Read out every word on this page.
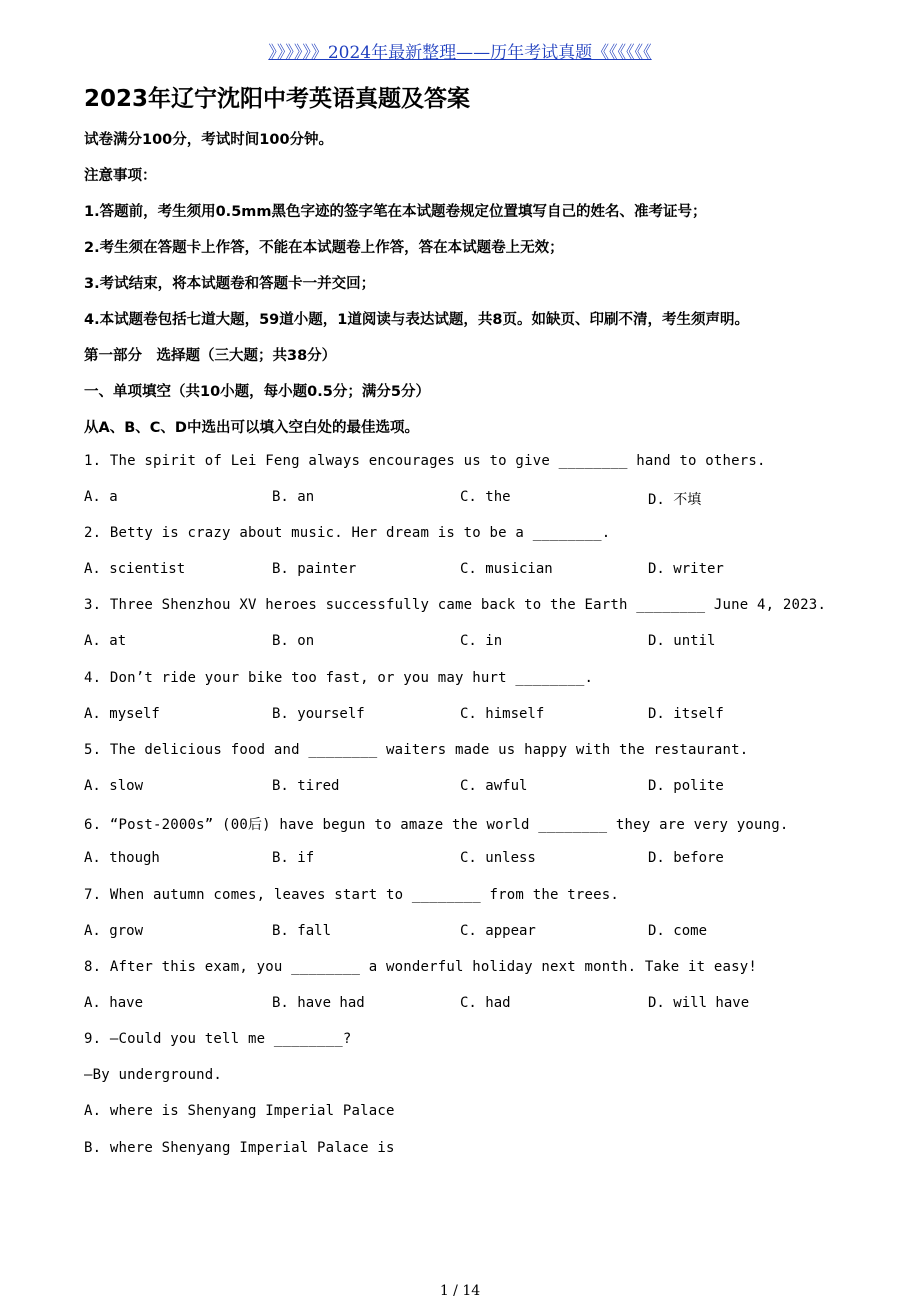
》》》》》》2024年最新整理——历年考试真题《《《《《《
2023年辽宁沈阳中考英语真题及答案
试卷满分100分，考试时间100分钟。
注意事项：
1.答题前，考生须用0.5mm黑色字迹的签字笔在本试题卷规定位置填写自己的姓名、准考证号；
2.考生须在答题卡上作答，不能在本试题卷上作答，答在本试题卷上无效；
3.考试结束，将本试题卷和答题卡一并交回；
4.本试题卷包括七道大题，59道小题，1道阅读与表达试题，共8页。如缺页、印刷不清，考生须声明。
第一部分　选择题（三大题；共38分）
一、单项填空（共10小题，每小题0.5分；满分5分）
从A、B、C、D中选出可以填入空白处的最佳选项。
1. The spirit of Lei Feng always encourages us to give ________ hand to others.
A. a	B. an	C. the	D. 不填
2. Betty is crazy about music. Her dream is to be a ________.
A. scientist	B. painter	C. musician	D. writer
3. Three Shenzhou XV heroes successfully came back to the Earth ________ June 4, 2023.
A. at	B. on	C. in	D. until
4. Don’t ride your bike too fast, or you may hurt ________.
A. myself	B. yourself	C. himself	D. itself
5. The delicious food and ________ waiters made us happy with the restaurant.
A. slow	B. tired	C. awful	D. polite
6. “Post-2000s” (00后) have begun to amaze the world ________ they are very young.
A. though	B. if	C. unless	D. before
7. When autumn comes, leaves start to ________ from the trees.
A. grow	B. fall	C. appear	D. come
8. After this exam, you ________ a wonderful holiday next month. Take it easy!
A. have	B. have had	C. had	D. will have
9. —Could you tell me ________?
—By underground.
A. where is Shenyang Imperial Palace
B. where Shenyang Imperial Palace is
1 / 14
